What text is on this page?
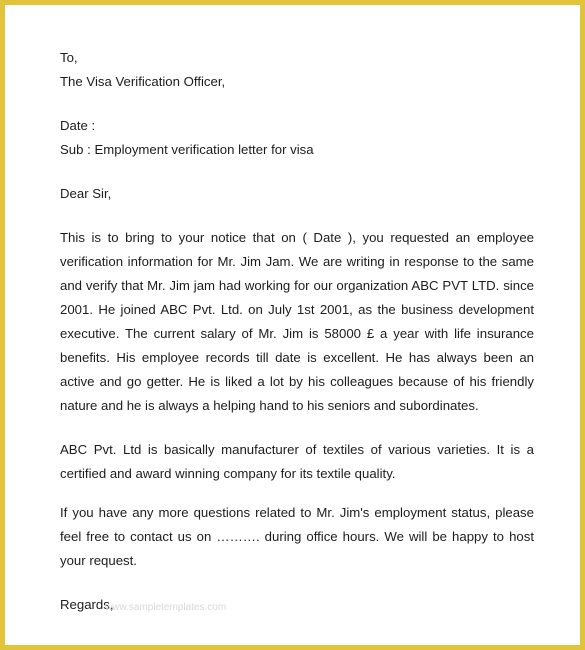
To,
The Visa Verification Officer,
Date :
Sub : Employment verification letter for visa
Dear Sir,
This is to bring to your notice that on ( Date ), you requested an employee verification information for Mr. Jim Jam. We are writing in response to the same and verify that Mr. Jim jam had working for our organization ABC PVT LTD. since 2001. He joined ABC Pvt. Ltd. on July 1st 2001, as the business development executive. The current salary of Mr. Jim is 58000 £ a year with life insurance benefits. His employee records till date is excellent. He has always been an active and go getter. He is liked a lot by his colleagues because of his friendly nature and he is always a helping hand to his seniors and subordinates.
ABC Pvt. Ltd is basically manufacturer of textiles of various varieties. It is a certified and award winning company for its textile quality.
If you have any more questions related to Mr. Jim's employment status, please feel free to contact us on ………. during office hours. We will be happy to host your request.
Regards,
www.sampletemplates.com
